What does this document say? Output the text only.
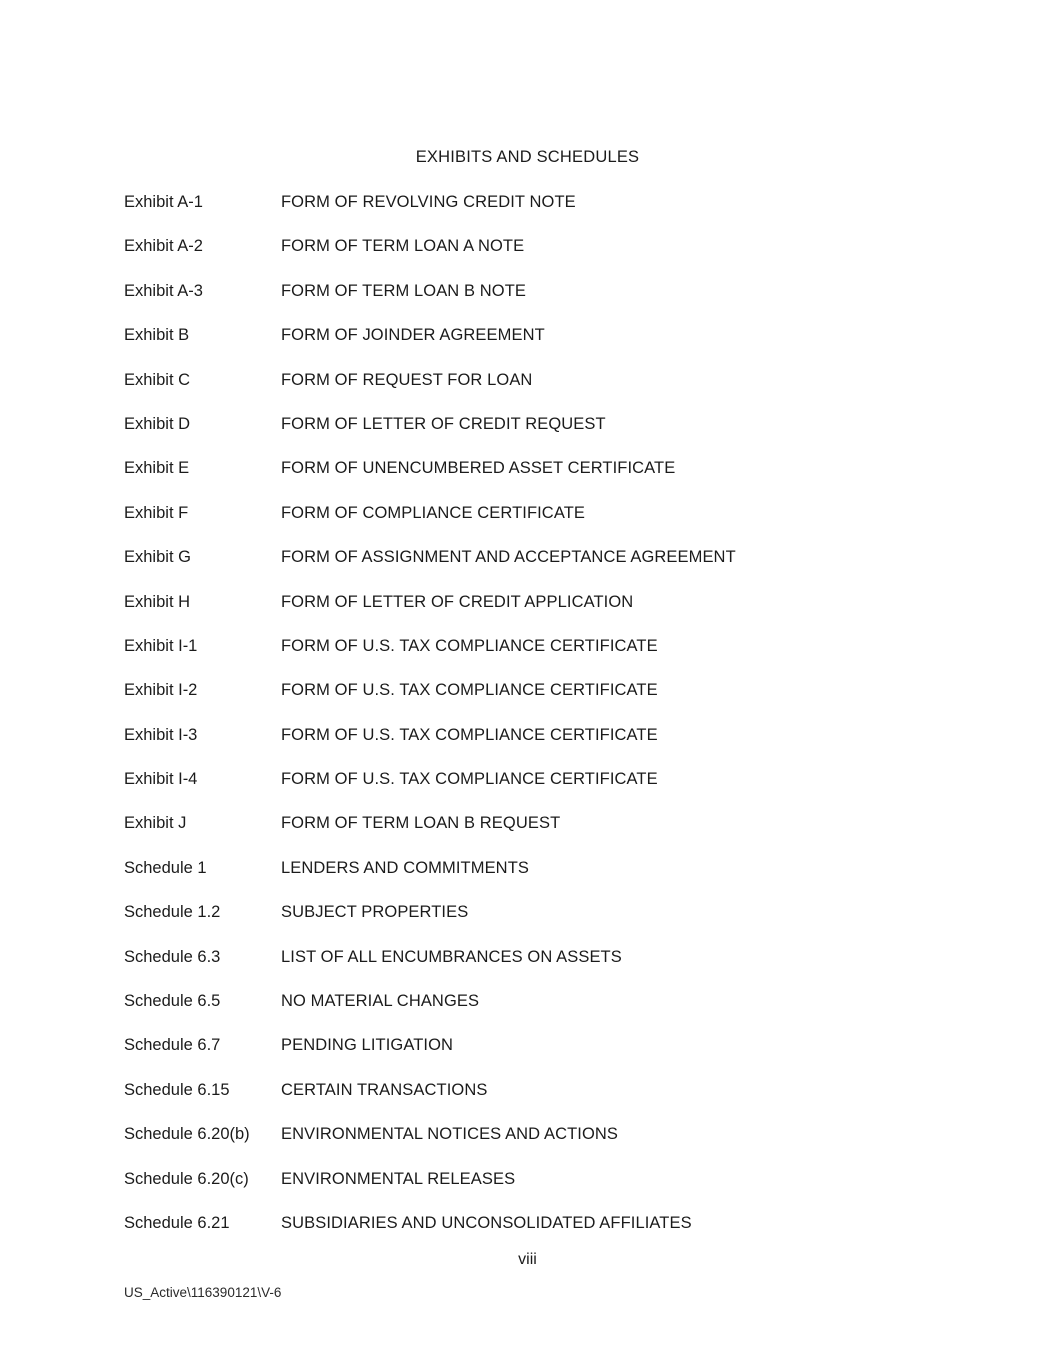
EXHIBITS AND SCHEDULES
Exhibit A-1	FORM OF REVOLVING CREDIT NOTE
Exhibit A-2	FORM OF TERM LOAN A NOTE
Exhibit A-3	FORM OF TERM LOAN B NOTE
Exhibit B	FORM OF JOINDER AGREEMENT
Exhibit C	FORM OF REQUEST FOR LOAN
Exhibit D	FORM OF LETTER OF CREDIT REQUEST
Exhibit E	FORM OF UNENCUMBERED ASSET CERTIFICATE
Exhibit F	FORM OF COMPLIANCE CERTIFICATE
Exhibit G	FORM OF ASSIGNMENT AND ACCEPTANCE AGREEMENT
Exhibit H	FORM OF LETTER OF CREDIT APPLICATION
Exhibit I-1	FORM OF U.S. TAX COMPLIANCE CERTIFICATE
Exhibit I-2	FORM OF U.S. TAX COMPLIANCE CERTIFICATE
Exhibit I-3	FORM OF U.S. TAX COMPLIANCE CERTIFICATE
Exhibit I-4	FORM OF U.S. TAX COMPLIANCE CERTIFICATE
Exhibit J	FORM OF TERM LOAN B REQUEST
Schedule 1	LENDERS AND COMMITMENTS
Schedule 1.2	SUBJECT PROPERTIES
Schedule 6.3	LIST OF ALL ENCUMBRANCES ON ASSETS
Schedule 6.5	NO MATERIAL CHANGES
Schedule 6.7	PENDING LITIGATION
Schedule 6.15	CERTAIN TRANSACTIONS
Schedule 6.20(b)	ENVIRONMENTAL NOTICES AND ACTIONS
Schedule 6.20(c)	ENVIRONMENTAL RELEASES
Schedule 6.21	SUBSIDIARIES AND UNCONSOLIDATED AFFILIATES
viii
US_Active\116390121\V-6
